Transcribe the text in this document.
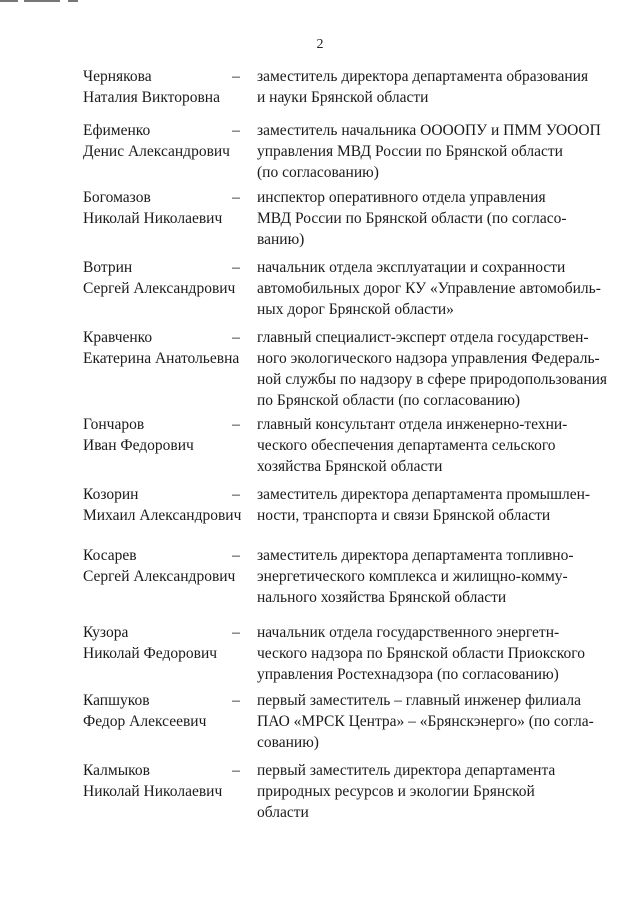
2
Чернякова
Наталия Викторовна
– заместитель директора департамента образования
и науки Брянской области
Ефименко
Денис Александрович
– заместитель начальника ОООOПУ и ПММ УОООП
управления МВД России по Брянской области
(по согласованию)
Богомазов
Николай Николаевич
– инспектор оперативного отдела управления
МВД России по Брянской области (по согласо-
ванию)
Вотрин
Сергей Александрович
– начальник отдела эксплуатации и сохранности
автомобильных дорог КУ «Управление автомобиль-
ных дорог Брянской области»
Кравченко
Екатерина Анатольевна
– главный специалист-эксперт отдела государствен-
ного экологического надзора управления Федераль-
ной службы по надзору в сфере природопользования
по Брянской области (по согласованию)
Гончаров
Иван Федорович
– главный консультант отдела инженерно-техни-
ческого обеспечения департамента сельского
хозяйства Брянской области
Козорин
Михаил Александрович
– заместитель директора департамента промышлен-
ности, транспорта и связи Брянской области
Косарев
Сергей Александрович
– заместитель директора департамента топливно-
энергетического комплекса и жилищно-комму-
нального хозяйства Брянской области
Кузора
Николай Федорович
– начальник отдела государственного энергетн-
ческого надзора по Брянской области Приокского
управления Ростехнадзора (по согласованию)
Капшуков
Федор Алексеевич
– первый заместитель – главный инженер филиала
ПАО «МРСК Центра» – «Брянскэнерго» (по согла-
сованию)
Калмыков
Николай Николаевич
– первый заместитель директора департамента
природных ресурсов и экологии Брянской
области
